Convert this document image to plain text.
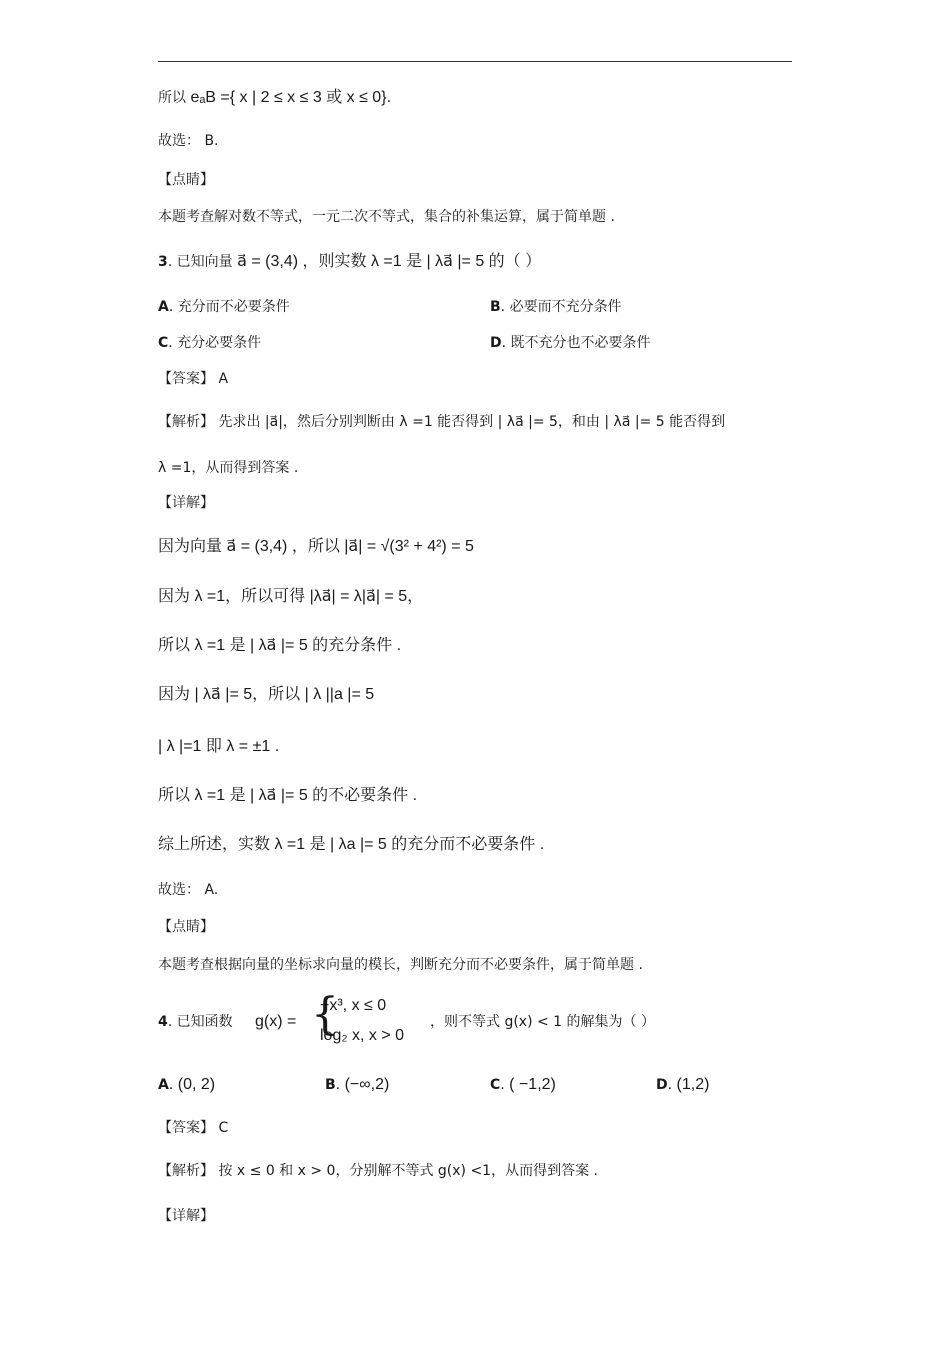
所以 eₐB ={ x | 2 ≤ x ≤ 3 或 x ≤ 0}.
故选： B.
【点睛】
本题考查解对数不等式，一元二次不等式，集合的补集运算，属于简单题 .
3. 已知向量 a⃗ = (3,4) ，则实数 λ =1 是 | λa⃗ |= 5 的（ ）
A. 充分而不必要条件	B. 必要而不充分条件
C. 充分必要条件	D. 既不充分也不必要条件
【答案】 A
【解析】 先求出 |a⃗|，然后分别判断由 λ =1 能否得到 | λa⃗ |= 5，和由 | λa⃗ |= 5 能否得到
λ =1，从而得到答案 .
【详解】
因为向量 a⃗ = (3,4) ，所以 |a⃗| = √(3² + 4²) = 5
因为 λ =1，所以可得 |λa⃗| = λ|a⃗| = 5，
所以 λ =1 是 | λa⃗ |= 5 的充分条件 .
因为 | λa⃗ |= 5，所以 | λ ||a |= 5
| λ |=1 即 λ = ±1 .
所以 λ =1 是 | λa⃗ |= 5 的不必要条件 .
综上所述，实数 λ =1 是 | λa |= 5 的充分而不必要条件 .
故选： A.
【点睛】
本题考查根据向量的坐标求向量的模长，判断充分而不必要条件，属于简单题 .
4. 已知函数 g(x) = {
−x³, x ≤ 0
log₂ x, x > 0
，则不等式 g(x) < 1 的解集为（ ）
A. (0, 2)	B. (−∞,2)	C. ( −1,2)	D. (1,2)
【答案】 C
【解析】 按 x ≤ 0 和 x > 0，分别解不等式 g(x) <1，从而得到答案 .
【详解】
